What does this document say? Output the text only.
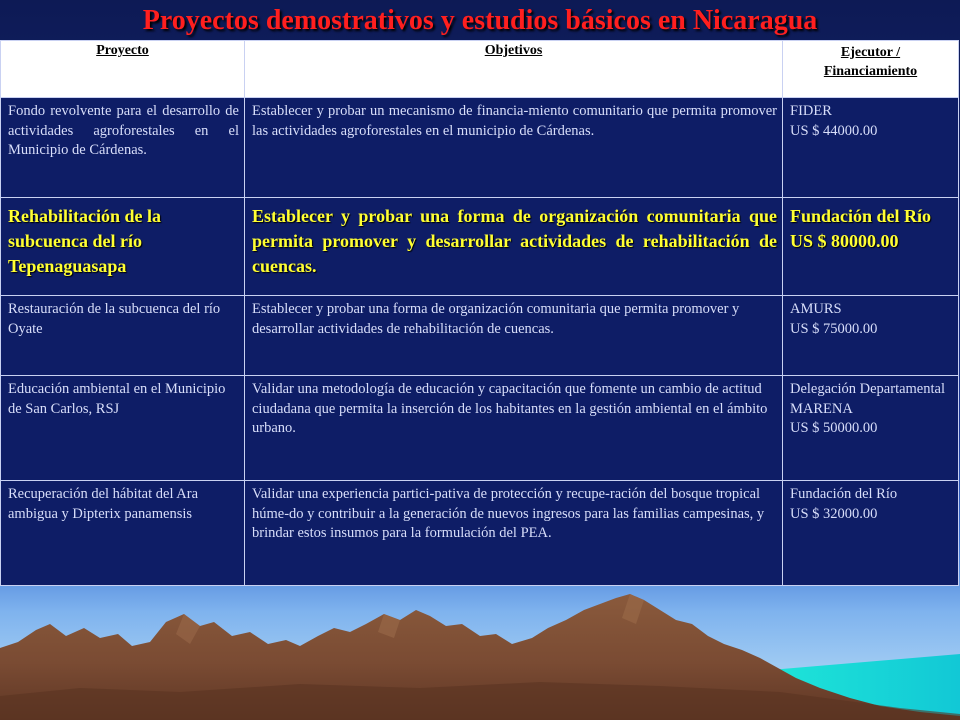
Proyectos demostrativos y estudios básicos en Nicaragua
Proyecto	Objetivos	Ejecutor /
Financiamiento
Fondo revolvente para el desarrollo de actividades agroforestales en el Municipio de Cárdenas.	Establecer y probar un mecanismo de financia-miento comunitario que permita promover las actividades agroforestales en el municipio de Cárdenas.	FIDER
US $ 44000.00
Rehabilitación de la subcuenca del río Tepenaguasapa	Establecer y probar una forma de organización comunitaria que permita promover y desarrollar actividades de rehabilitación de cuencas.	Fundación del Río
US $ 80000.00
Restauración de la subcuenca del río Oyate	Establecer y probar una forma de organización comunitaria que permita promover y desarrollar actividades de rehabilitación de cuencas.	AMURS
US $ 75000.00
Educación ambiental en el Municipio de San Carlos, RSJ	Validar una metodología de educación y capacitación que fomente un cambio de actitud ciudadana que permita la inserción de los habitantes en la gestión ambiental en el ámbito urbano.	Delegación Departamental MARENA
US $ 50000.00
Recuperación del hábitat del Ara ambigua y Dipterix panamensis	Validar una experiencia partici-pativa de protección y recupe-ración del bosque tropical húme-do y contribuir a la generación de nuevos ingresos para las familias campesinas, y brindar estos insumos para la formulación del PEA.	Fundación del Río
US $ 32000.00
